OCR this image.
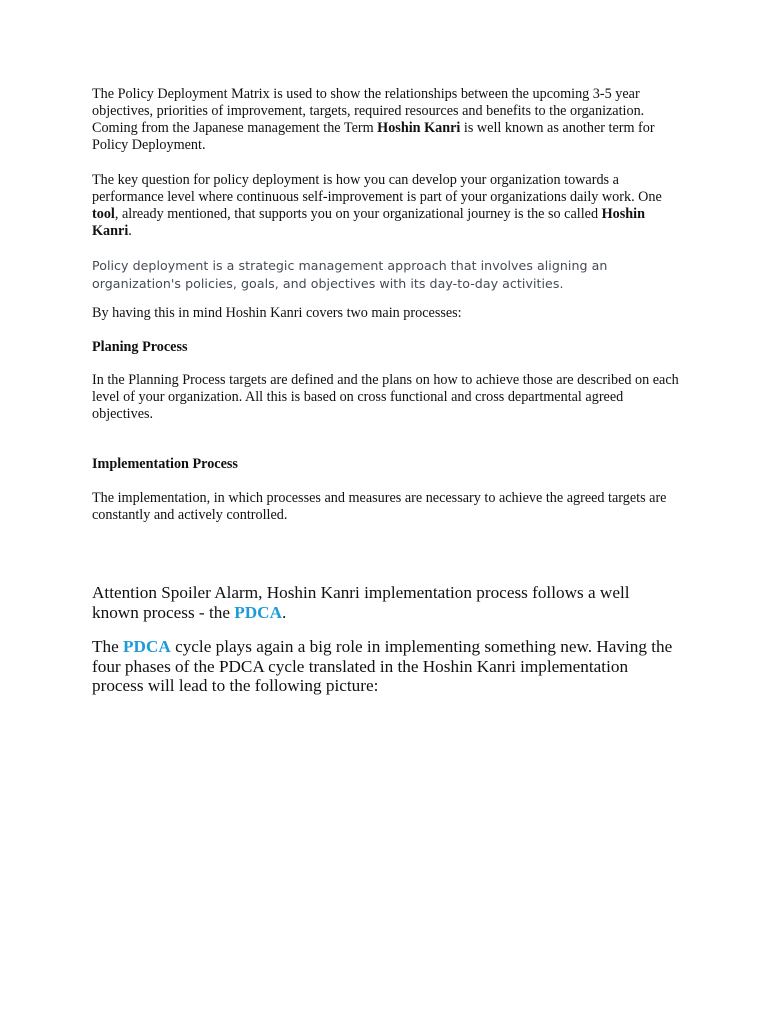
The Policy Deployment Matrix is used to show the relationships between the upcoming 3-5 year objectives, priorities of improvement, targets, required resources and benefits to the organization. Coming from the Japanese management the Term Hoshin Kanri is well known as another term for Policy Deployment.

The key question for policy deployment is how you can develop your organization towards a performance level where continuous self-improvement is part of your organizations daily work. One tool, already mentioned, that supports you on your organizational journey is the so called Hoshin Kanri.

Policy deployment is a strategic management approach that involves aligning an organization's policies, goals, and objectives with its day-to-day activities.

By having this in mind Hoshin Kanri covers two main processes:

Planing Process

In the Planning Process targets are defined and the plans on how to achieve those are described on each level of your organization. All this is based on cross functional and cross departmental agreed objectives.

Implementation Process

The implementation, in which processes and measures are necessary to achieve the agreed targets are constantly and actively controlled.

Attention Spoiler Alarm, Hoshin Kanri implementation process follows a well known process - the PDCA.

The PDCA cycle plays again a big role in implementing something new. Having the four phases of the PDCA cycle translated in the Hoshin Kanri implementation process will lead to the following picture:
